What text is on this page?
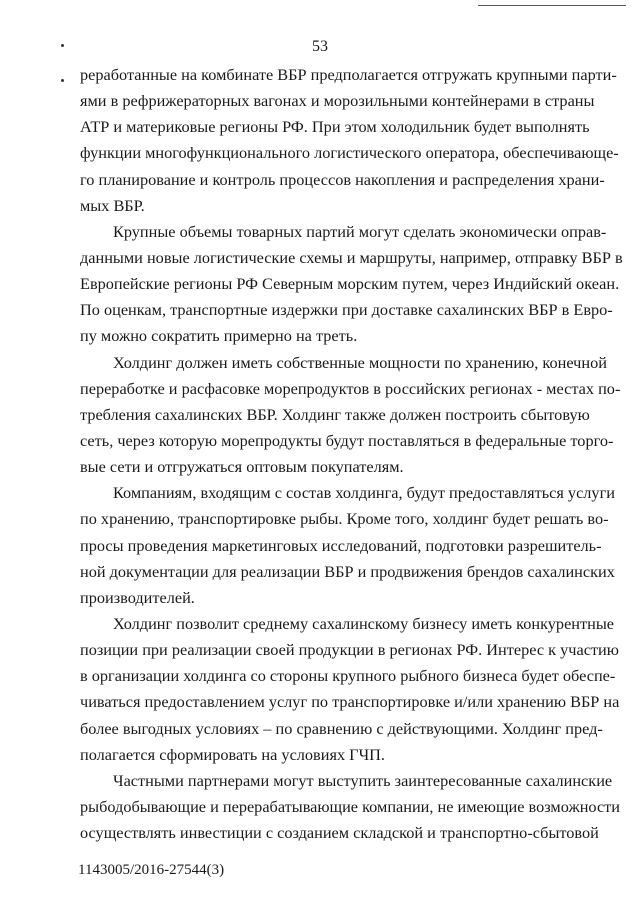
53
реработанные на комбинате ВБР предполагается отгружать крупными парти-
ями в рефрижераторных вагонах и морозильными контейнерами в страны
АТР и материковые регионы РФ. При этом холодильник будет выполнять
функции многофункционального логистического оператора, обеспечивающе-
го планирование и контроль процессов накопления и распределения храни-
мых ВБР.
Крупные объемы товарных партий могут сделать экономически оправ-
данными новые логистические схемы и маршруты, например, отправку ВБР в
Европейские регионы РФ Северным морским путем, через Индийский океан.
По оценкам, транспортные издержки при доставке сахалинских ВБР в Евро-
пу можно сократить примерно на треть.
Холдинг должен иметь собственные мощности по хранению, конечной
переработке и расфасовке морепродуктов в российских регионах - местах по-
требления сахалинских ВБР. Холдинг также должен построить сбытовую
сеть, через которую морепродукты будут поставляться в федеральные торго-
вые сети и отгружаться оптовым покупателям.
Компаниям, входящим с состав холдинга, будут предоставляться услуги
по хранению, транспортировке рыбы. Кроме того, холдинг будет решать во-
просы проведения маркетинговых исследований, подготовки разрешитель-
ной документации для реализации ВБР и продвижения брендов сахалинских
производителей.
Холдинг позволит среднему сахалинскому бизнесу иметь конкурентные
позиции при реализации своей продукции в регионах РФ. Интерес к участию
в организации холдинга со стороны крупного рыбного бизнеса будет обеспе-
чиваться предоставлением услуг по транспортировке и/или хранению ВБР на
более выгодных условиях – по сравнению с действующими. Холдинг пред-
полагается сформировать на условиях ГЧП.
Частными партнерами могут выступить заинтересованные сахалинские
рыбодобывающие и перерабатывающие компании, не имеющие возможности
осуществлять инвестиции с созданием складской и транспортно-сбытовой
1143005/2016-27544(3)
